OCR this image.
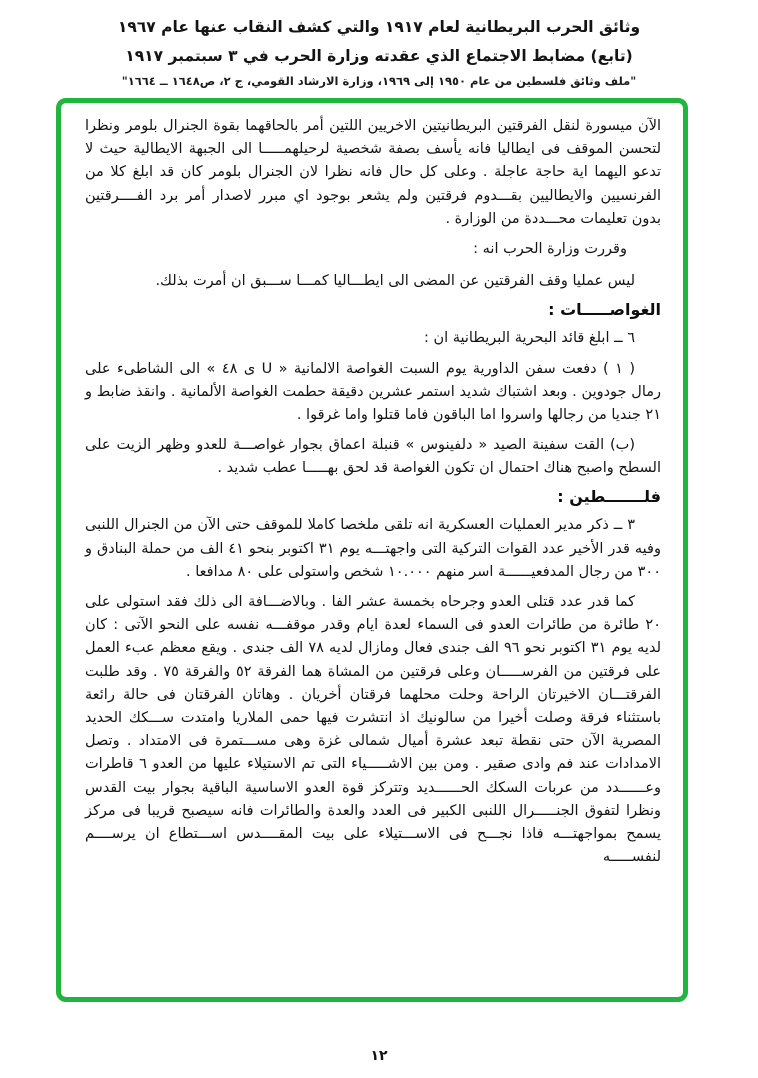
وثائق الحرب البريطانية لعام ١٩١٧ والتي كشف النقاب عنها عام ١٩٦٧
(تابع) مضابط الاجتماع الذي عقدته وزارة الحرب في ٣ سبتمبر ١٩١٧
"ملف وثائق فلسطين من عام ١٩٥٠ إلى ١٩٦٩، وزارة الارشاد القومي، ج ٢، ص١٦٤٨ ــ ١٦٦٤"

الآن ميسورة لنقل الفرقتين البريطانيتين الاخريين اللتين أمر بالحاقهما بقوة الجنرال بلومر ونظرا لتحسن الموقف فى ايطاليا فانه يأسف بصفة شخصية لرحيلهمـــــا الى الجبهة الايطالية حيث لا تدعو اليهما اية حاجة عاجلة . وعلى كل حال فانه نظرا لان الجنرال بلومر كان قد ابلغ كلا من الفرنسيين والايطاليين بقـــدوم فرقتين ولم يشعر بوجود اي مبرر لاصدار أمر برد الفــــرقتين بدون تعليمات محـــددة من الوزارة .

وقررت وزارة الحرب انه :

ليس عمليا وقف الفرقتين عن المضى الى ايطـــاليا كمـــا ســـبق ان أمرت بذلك.

الغواصـــــات :

٦ ــ ابلغ قائد البحرية البريطانية ان :

( ١ ) دفعت سفن الداورية يوم السبت الغواصة الالمانية « U ى ٤٨ » الى الشاطىء على رمال جودوين . وبعد اشتباك شديد استمر عشرين دقيقة حطمت الغواصة الألمانية . وانقذ ضابط و ٢١ جنديا من رجالها واسروا اما الباقون فاما قتلوا واما غرقوا .

(ب) القت سفينة الصيد « دلفينوس » قنبلة اعماق بجوار غواصـــة للعدو وظهر الزيت على السطح واصبح هناك احتمال ان تكون الغواصة قد لحق بهـــــا عطب شديد .

فلـــــــطين :

٣ ــ ذكر مدير العمليات العسكرية انه تلقى ملخصا كاملا للموقف حتى الآن من الجنرال اللنبى وفيه قدر الأخير عدد القوات التركية التى واجهتـــه يوم ٣١ اكتوبر بنحو ٤١ الف من حملة البنادق و ٣٠٠ من رجال المدفعيــــــة اسر منهم ١٠.٠٠٠ شخص واستولى على ٨٠ مدافعا .

كما قدر عدد قتلى العدو وجرحاه بخمسة عشر الفا . وبالاضـــافة الى ذلك فقد استولى على ٢٠ طائرة من طائرات العدو فى السماء لعدة ايام وقدر موقفـــه نفسه على النحو الآتى : كان لديه يوم ٣١ اكتوبر نحو ٩٦ الف جندى فعال ومازال لديه ٧٨ الف جندى . ويقع معظم عبء العمل على فرقتين من الفرســـــان وعلى فرقتين من المشاة هما الفرقة ٥٢ والفرقة ٧٥ . وقد طلبت الفرقتـــان الاخيرتان الراحة وحلت محلهما فرقتان أخريان . وهاتان الفرقتان فى حالة رائعة باستثناء فرقة وصلت أخيرا من سالونيك اذ انتشرت فيها حمى الملاريا وامتدت ســـكك الحديد المصرية الآن حتى نقطة تبعد عشرة أميال شمالى غزة وهى مســـتمرة فى الامتداد . وتصل الامدادات عند فم وادى صقير . ومن بين الاشـــــياء التى تم الاستيلاء عليها من العدو ٦ قاطرات وعــــــدد من عربات السكك الحــــــديد وتتركز قوة العدو الاساسية الباقية بجوار بيت القدس ونظرا لتفوق الجنـــــرال اللنبى الكبير فى العدد والعدة والطائرات فانه سيصبح قريبا فى مركز يسمح بمواجهتـــه فاذا نجـــح فى الاســـتيلاء على بيت المقــــدس اســـتطاع ان يرســــم لنفســـــه

١٢
